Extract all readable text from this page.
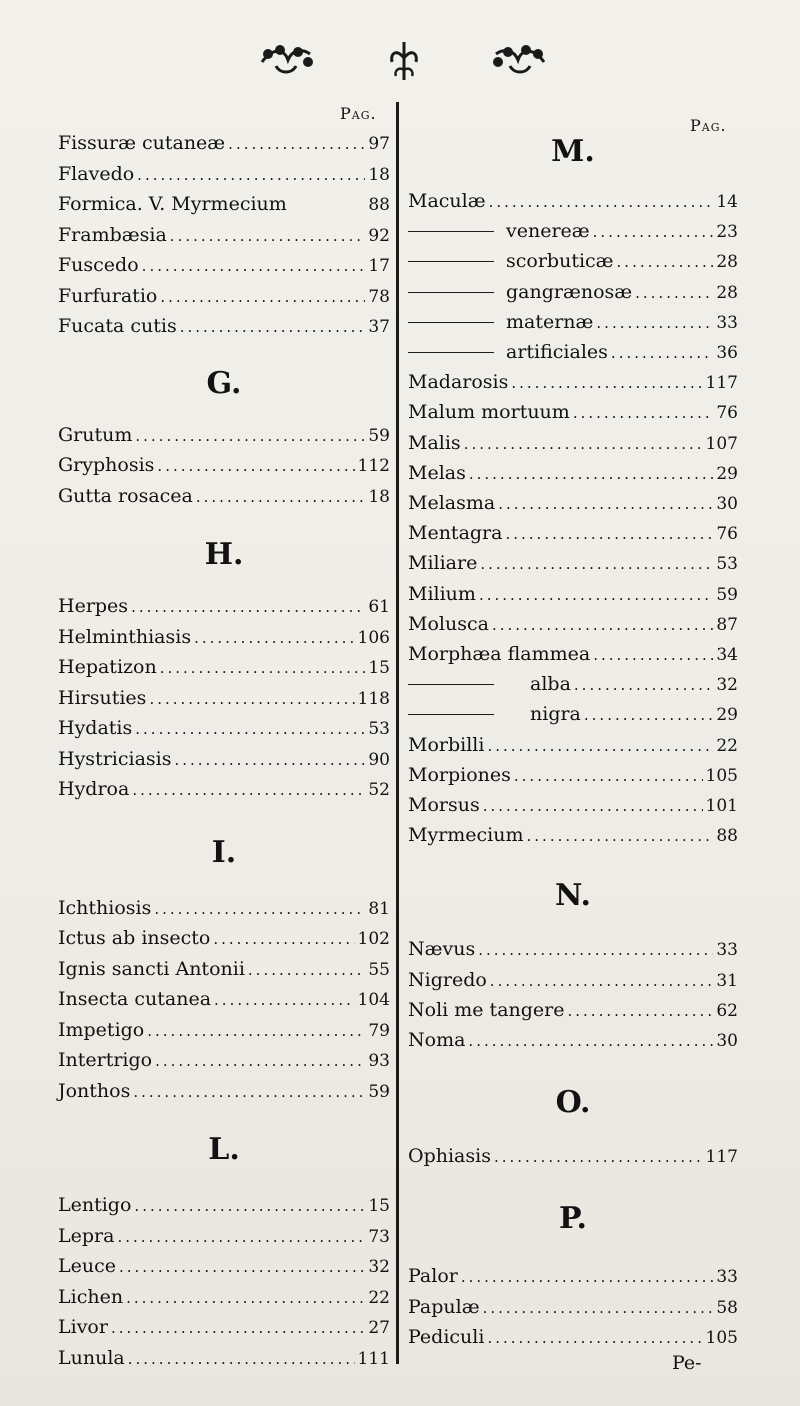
Pag.
Pag.
Fissuræ cutaneæ .....	97
Flavedo .....	18
Formica. V. Myrmecium	88
Frambæsia .....	92
Fuscedo .....	17
Furfuratio .....	78
Fucata cutis .....	37
G.
Grutum .....	59
Gryphosis .....	112
Gutta rosacea .....	18
H.
Herpes .....	61
Helminthiasis .....	106
Hepatizon .....	15
Hirsuties .....	118
Hydatis .....	53
Hystriciasis .....	90
Hydroa .....	52
I.
Ichthiosis .....	81
Ictus ab insecto .....	102
Ignis sancti Antonii .....	55
Insecta cutanea .....	104
Impetigo .....	79
Intertrigo .....	93
Jonthos .....	59
L.
Lentigo .....	15
Lepra .....	73
Leuce .....	32
Lichen .....	22
Livor .....	27
Lunula .....	111
M.
Maculæ .....	14
venereæ .....	23
scorbuticæ .....	28
gangrænosæ .....	28
maternæ .....	33
artificiales .....	36
Madarosis .....	117
Malum mortuum .....	76
Malis .....	107
Melas .....	29
Melasma .....	30
Mentagra .....	76
Miliare .....	53
Milium .....	59
Molusca .....	87
Morphæa flammea .....	34
alba .....	32
nigra .....	29
Morbilli .....	22
Morpiones .....	105
Morsus .....	101
Myrmecium .....	88
N.
Nævus .....	33
Nigredo .....	31
Noli me tangere .....	62
Noma .....	30
O.
Ophiasis .....	117
P.
Palor .....	33
Papulæ .....	58
Pediculi .....	105
Pe-
